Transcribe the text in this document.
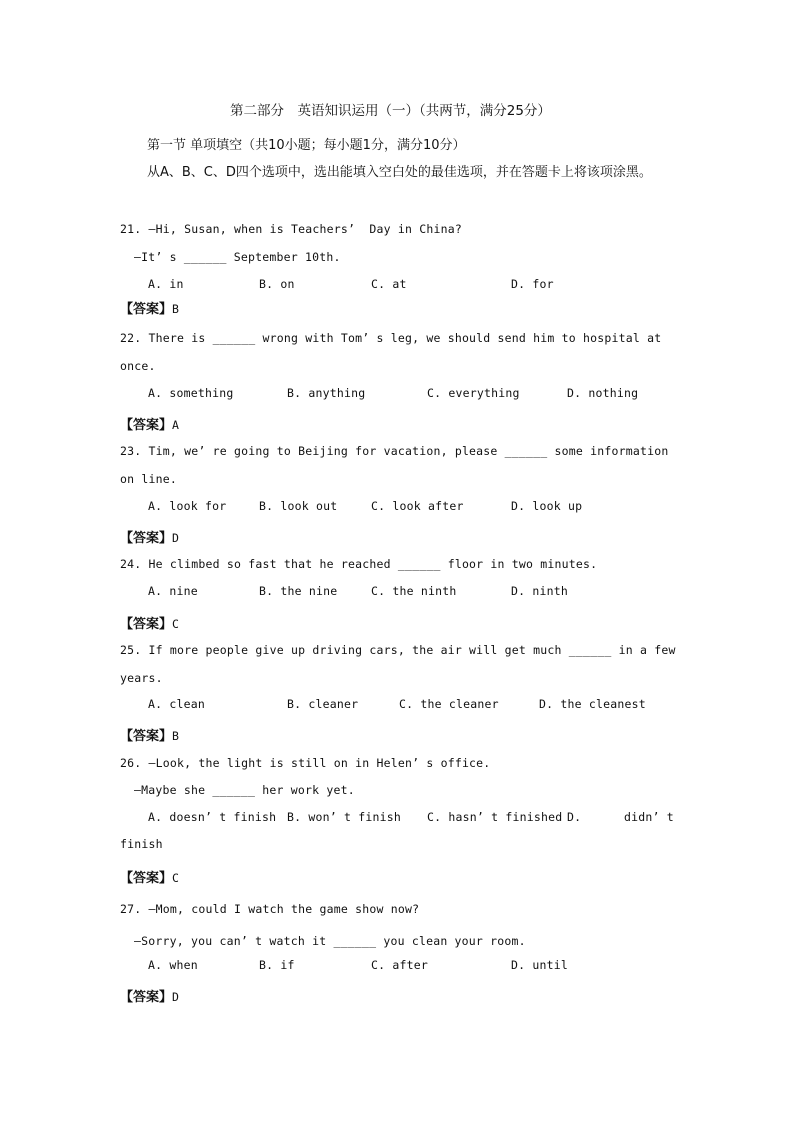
第二部分　英语知识运用（一）（共两节，满分25分）
第一节 单项填空（共10小题；每小题1分，满分10分）
从A、B、C、D四个选项中，选出能填入空白处的最佳选项，并在答题卡上将该项涂黑。
21. —Hi, Susan, when is Teachers’  Day in China?
—It’ s ______ September 10th.
A. in	B. on	C. at	D. for
【答案】B
22. There is ______ wrong with Tom’ s leg, we should send him to hospital at
once.
A. something	B. anything	C. everything	D. nothing
【答案】A
23. Tim, we’ re going to Beijing for vacation, please ______ some information
on line.
A. look for	B. look out	C. look after	D. look up
【答案】D
24. He climbed so fast that he reached ______ floor in two minutes.
A. nine	B. the nine	C. the ninth	D. ninth
【答案】C
25. If more people give up driving cars, the air will get much ______ in a few
years.
A. clean	B. cleaner	C. the cleaner	D. the cleanest
【答案】B
26. —Look, the light is still on in Helen’ s office.
—Maybe she ______ her work yet.
A. doesn’ t finish B. won’ t finish C. hasn’ t finished D.	didn’ t
finish
【答案】C
27. —Mom, could I watch the game show now?
—Sorry, you can’ t watch it ______ you clean your room.
A. when	B. if	C. after	D. until
【答案】D
